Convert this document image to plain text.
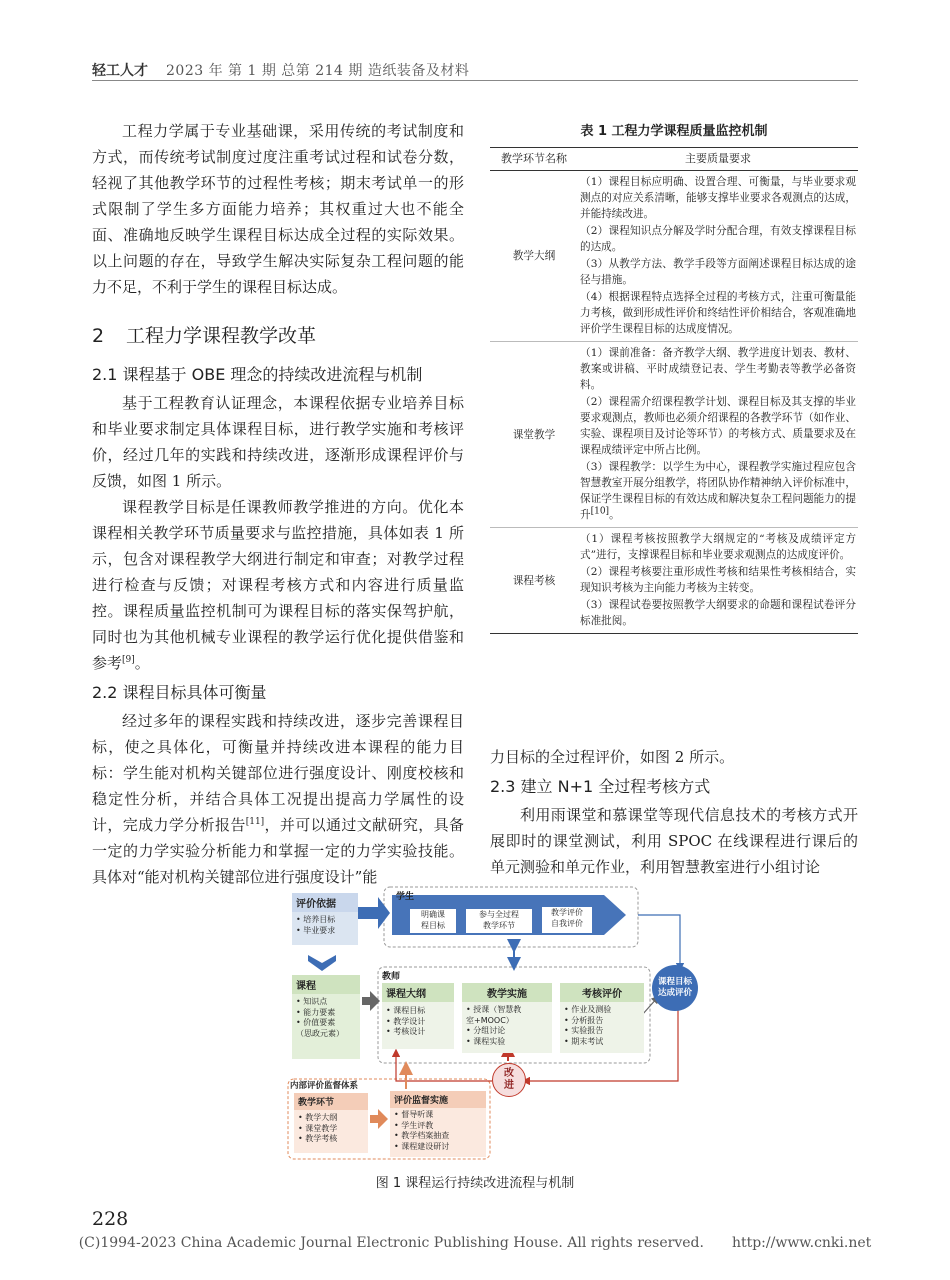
轻工人才 2023 年 第 1 期 总第 214 期 造纸装备及材料

工程力学属于专业基础课，采用传统的考试制度和方式，而传统考试制度过度注重考试过程和试卷分数，轻视了其他教学环节的过程性考核；期末考试单一的形式限制了学生多方面能力培养；其权重过大也不能全面、准确地反映学生课程目标达成全过程的实际效果。以上问题的存在，导致学生解决实际复杂工程问题的能力不足，不利于学生的课程目标达成。

2 工程力学课程教学改革
2.1 课程基于 OBE 理念的持续改进流程与机制

基于工程教育认证理念，本课程依据专业培养目标和毕业要求制定具体课程目标，进行教学实施和考核评价，经过几年的实践和持续改进，逐渐形成课程评价与反馈，如图 1 所示。

课程教学目标是任课教师教学推进的方向。优化本课程相关教学环节质量要求与监控措施，具体如表 1 所示，包含对课程教学大纲进行制定和审查；对教学过程进行检查与反馈；对课程考核方式和内容进行质量监控。课程质量监控机制可为课程目标的落实保驾护航，同时也为其他机械专业课程的教学运行优化提供借鉴和参考[9]。

2.2 课程目标具体可衡量

经过多年的课程实践和持续改进，逐步完善课程目标，使之具体化，可衡量并持续改进本课程的能力目标：学生能对机构关键部位进行强度设计、刚度校核和稳定性分析，并结合具体工况提出提高力学属性的设计，完成力学分析报告[11]，并可以通过文献研究，具备一定的力学实验分析能力和掌握一定的力学实验技能。具体对“能对机构关键部位进行强度设计”能

表 1 工程力学课程质量监控机制
教学环节名称	主要质量要求
教学大纲	（1）课程目标应明确、设置合理、可衡量，与毕业要求观测点的对应关系清晰，能够支撑毕业要求各观测点的达成，并能持续改进。

（2）课程知识点分解及学时分配合理，有效支撑课程目标的达成。

（3）从教学方法、教学手段等方面阐述课程目标达成的途径与措施。

（4）根据课程特点选择全过程的考核方式，注重可衡量能力考核，做到形成性评价和终结性评价相结合，客观准确地评价学生课程目标的达成度情况。

课堂教学	（1）课前准备：备齐教学大纲、教学进度计划表、教材、教案或讲稿、平时成绩登记表、学生考勤表等教学必备资料。

（2）课程需介绍课程教学计划、课程目标及其支撑的毕业要求观测点，教师也必须介绍课程的各教学环节（如作业、实验、课程项目及讨论等环节）的考核方式、质量要求及在课程成绩评定中所占比例。

（3）课程教学：以学生为中心，课程教学实施过程应包含智慧教室开展分组教学，将团队协作精神纳入评价标准中，保证学生课程目标的有效达成和解决复杂工程问题能力的提升[10]。

课程考核	（1）课程考核按照教学大纲规定的“考核及成绩评定方式”进行，支撑课程目标和毕业要求观测点的达成度评价。

（2）课程考核要注重形成性考核和结果性考核相结合，实现知识考核为主向能力考核为主转变。

（3）课程试卷要按照教学大纲要求的命题和课程试卷评分标准批阅。

力目标的全过程评价，如图 2 所示。

2.3 建立 N+1 全过程考核方式

利用雨课堂和慕课堂等现代信息技术的考核方式开展即时的课堂测试，利用 SPOC 在线课程进行课后的单元测验和单元作业，利用智慧教室进行小组讨论

评价依据
• 培养目标
• 毕业要求
学生
明确课
程目标
参与全过程
教学环节
教学评价
自我评价
课程
• 知识点
• 能力要素
• 价值要素
（思政元素）
教师
课程大纲
• 课程目标
• 教学设计
• 考核设计
教学实施
• 授课（智慧教
室+MOOC）
• 分组讨论
• 课程实验
考核评价
• 作业及测验
• 分析报告
• 实验报告
• 期末考试
课程目标
达成评价
改
进
内部评价监督体系
教学环节
• 教学大纲
• 课堂教学
• 教学考核
评价监督实施
• 督导听课
• 学生评教
• 教学档案抽查
• 课程建设研讨
图 1 课程运行持续改进流程与机制
228
(C)1994-2023 China Academic Journal Electronic Publishing House. All rights reserved. http://www.cnki.net
